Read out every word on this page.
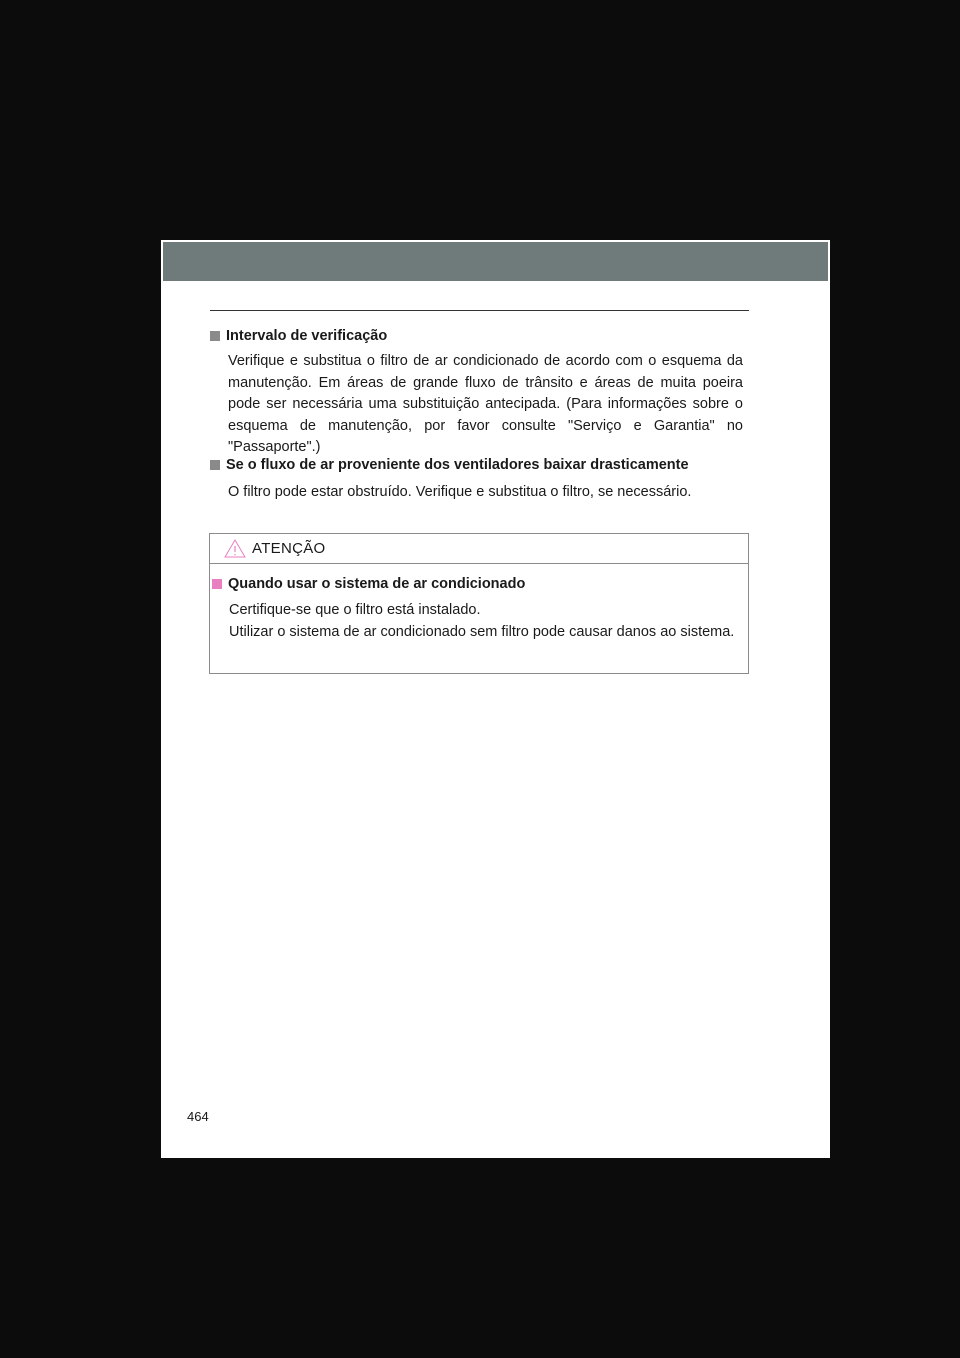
Intervalo de verificação

Verifique e substitua o filtro de ar condicionado de acordo com o esquema da manutenção. Em áreas de grande fluxo de trânsito e áreas de muita poeira pode ser necessária uma substituição antecipada. (Para informações sobre o esquema de manutenção, por favor consulte "Serviço e Garantia" no "Passaporte".)

Se o fluxo de ar proveniente dos ventiladores baixar drasticamente

O filtro pode estar obstruído. Verifique e substitua o filtro, se necessário.

ATENÇÃO
Quando usar o sistema de ar condicionado
Certifique-se que o filtro está instalado.
Utilizar o sistema de ar condicionado sem filtro pode causar danos ao sistema.
464
